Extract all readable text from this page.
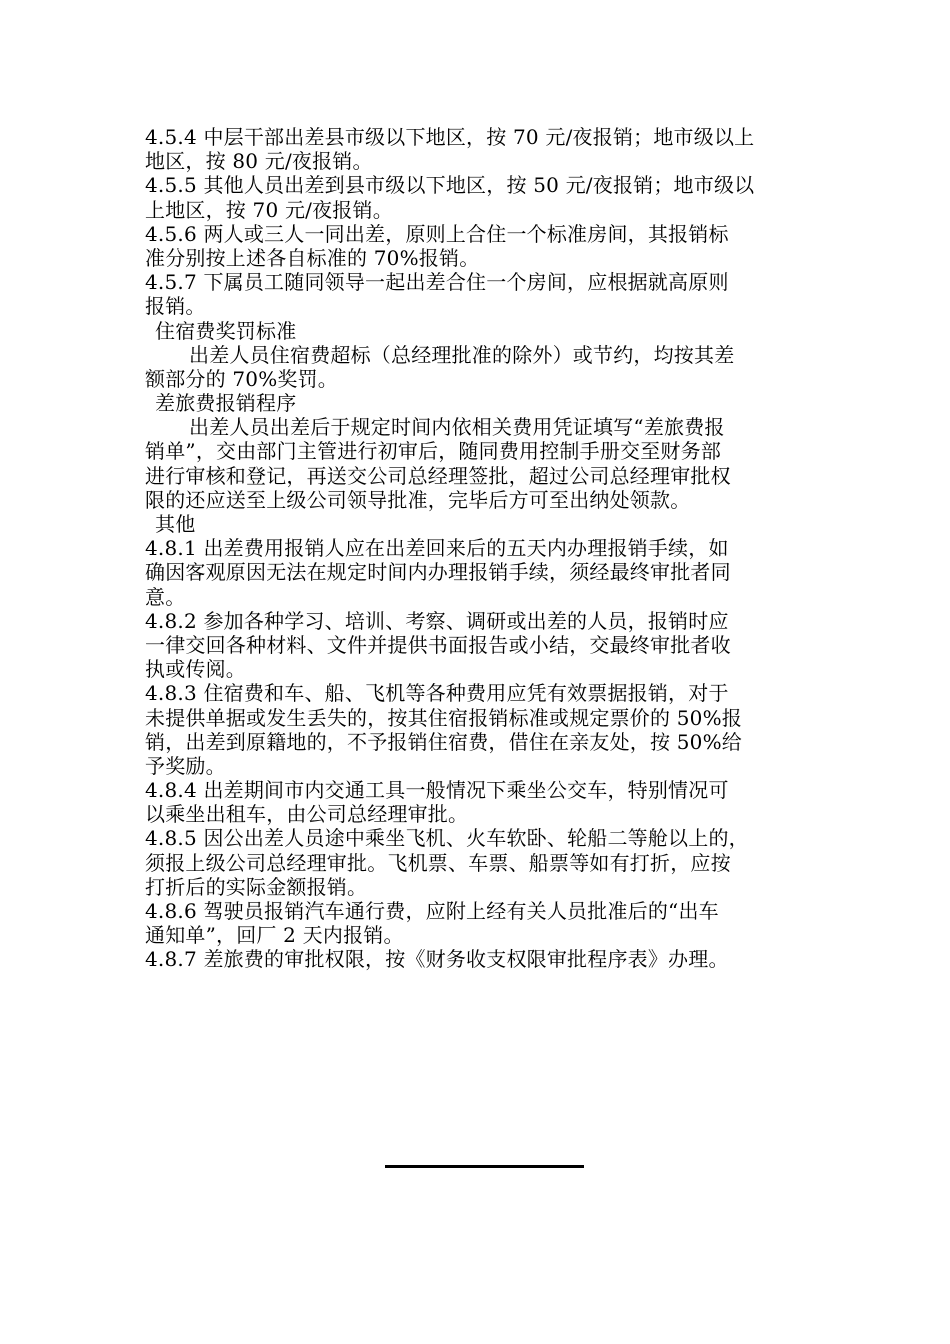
4.5.4 中层干部出差县市级以下地区，按 70 元/夜报销；地市级以上

地区，按 80 元/夜报销。

4.5.5 其他人员出差到县市级以下地区，按 50 元/夜报销；地市级以

上地区，按 70 元/夜报销。

4.5.6 两人或三人一同出差，原则上合住一个标准房间，其报销标

准分别按上述各自标准的 70%报销。

4.5.7 下属员工随同领导一起出差合住一个房间，应根据就高原则

报销。

住宿费奖罚标准

出差人员住宿费超标（总经理批准的除外）或节约，均按其差

额部分的 70%奖罚。

差旅费报销程序

出差人员出差后于规定时间内依相关费用凭证填写“差旅费报

销单”，交由部门主管进行初审后，随同费用控制手册交至财务部

进行审核和登记，再送交公司总经理签批，超过公司总经理审批权

限的还应送至上级公司领导批准，完毕后方可至出纳处领款。

其他

4.8.1 出差费用报销人应在出差回来后的五天内办理报销手续，如

确因客观原因无法在规定时间内办理报销手续，须经最终审批者同

意。

4.8.2 参加各种学习、培训、考察、调研或出差的人员，报销时应

一律交回各种材料、文件并提供书面报告或小结，交最终审批者收

执或传阅。

4.8.3 住宿费和车、船、飞机等各种费用应凭有效票据报销，对于

未提供单据或发生丢失的，按其住宿报销标准或规定票价的 50%报

销，出差到原籍地的，不予报销住宿费，借住在亲友处，按 50%给

予奖励。

4.8.4 出差期间市内交通工具一般情况下乘坐公交车，特别情况可

以乘坐出租车，由公司总经理审批。

4.8.5 因公出差人员途中乘坐飞机、火车软卧、轮船二等舱以上的，

须报上级公司总经理审批。飞机票、车票、船票等如有打折，应按

打折后的实际金额报销。

4.8.6 驾驶员报销汽车通行费，应附上经有关人员批准后的“出车

通知单”，回厂 2 天内报销。

4.8.7 差旅费的审批权限，按《财务收支权限审批程序表》办理。
